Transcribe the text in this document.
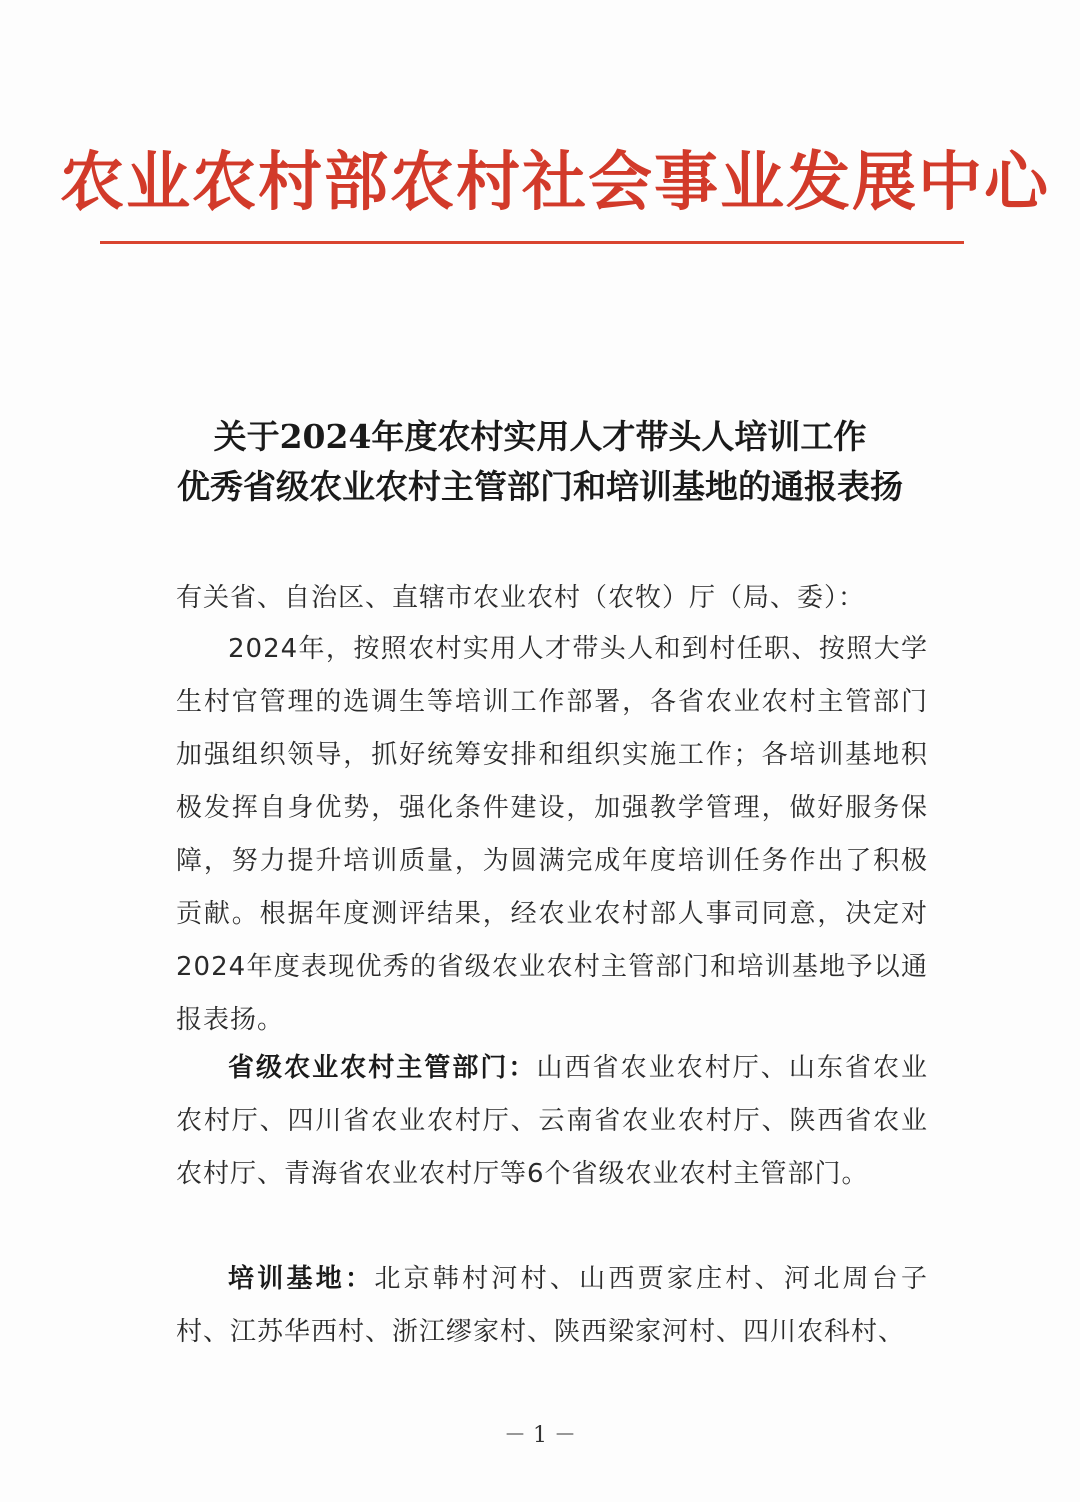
农业农村部农村社会事业发展中心
关于2024年度农村实用人才带头人培训工作
优秀省级农业农村主管部门和培训基地的通报表扬
有关省、自治区、直辖市农业农村（农牧）厅（局、委）：
2024年，按照农村实用人才带头人和到村任职、按照大学生村官管理的选调生等培训工作部署，各省农业农村主管部门加强组织领导，抓好统筹安排和组织实施工作；各培训基地积极发挥自身优势，强化条件建设，加强教学管理，做好服务保障，努力提升培训质量，为圆满完成年度培训任务作出了积极贡献。根据年度测评结果，经农业农村部人事司同意，决定对2024年度表现优秀的省级农业农村主管部门和培训基地予以通报表扬。
省级农业农村主管部门：山西省农业农村厅、山东省农业农村厅、四川省农业农村厅、云南省农业农村厅、陕西省农业农村厅、青海省农业农村厅等6个省级农业农村主管部门。
培训基地：北京韩村河村、山西贾家庄村、河北周台子村、江苏华西村、浙江缪家村、陕西梁家河村、四川农科村、
－ 1 －
